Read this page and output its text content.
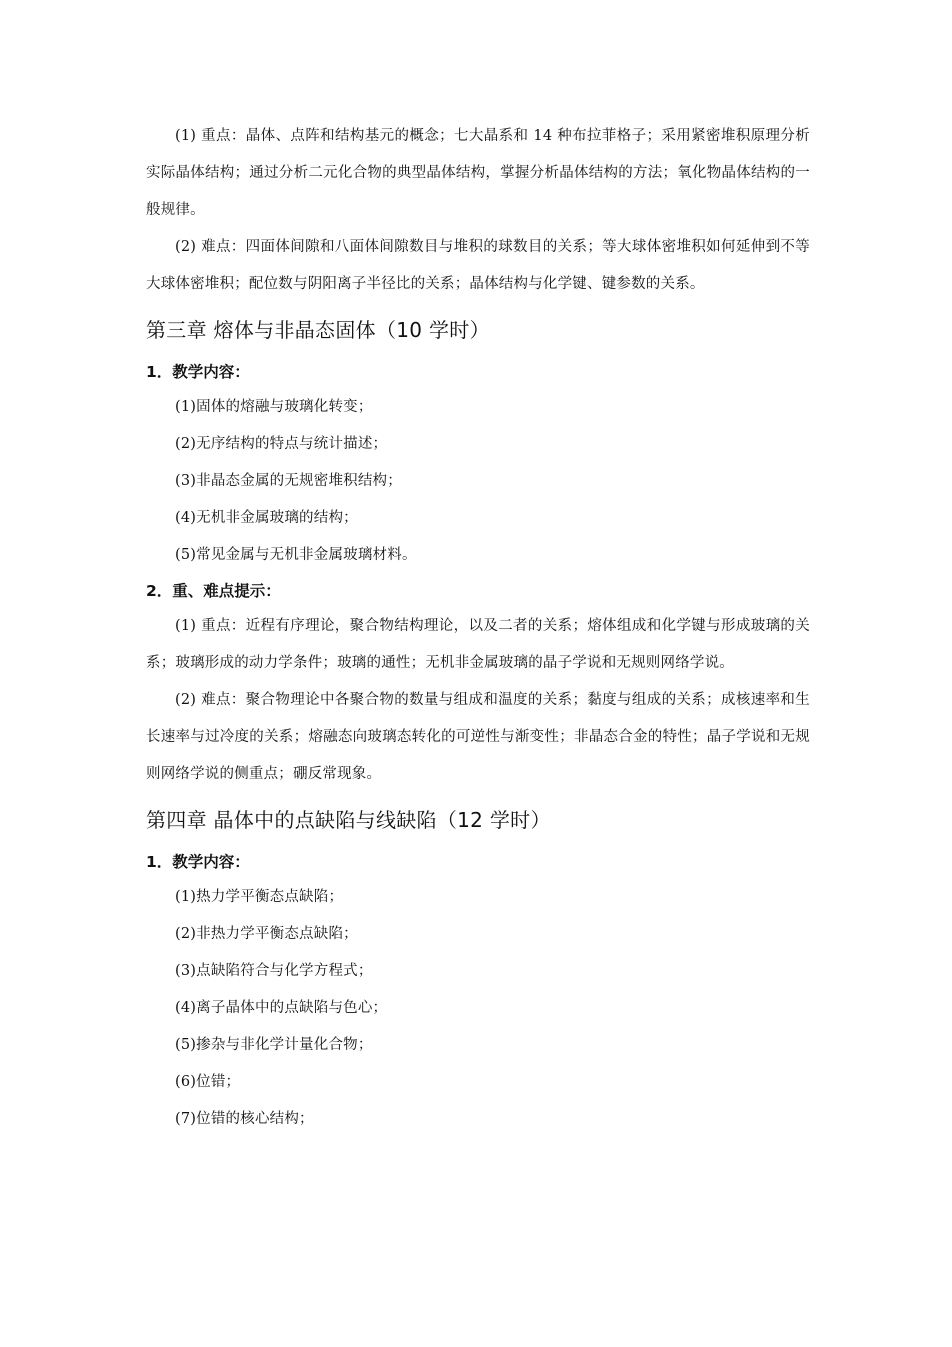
(1) 重点：晶体、点阵和结构基元的概念；七大晶系和 14 种布拉菲格子；采用紧密堆积原理分析实际晶体结构；通过分析二元化合物的典型晶体结构，掌握分析晶体结构的方法；氧化物晶体结构的一般规律。

(2) 难点：四面体间隙和八面体间隙数目与堆积的球数目的关系；等大球体密堆积如何延伸到不等大球体密堆积；配位数与阴阳离子半径比的关系；晶体结构与化学键、键参数的关系。

第三章 熔体与非晶态固体（10 学时）
1．教学内容：

(1)固体的熔融与玻璃化转变；

(2)无序结构的特点与统计描述；

(3)非晶态金属的无规密堆积结构；

(4)无机非金属玻璃的结构；

(5)常见金属与无机非金属玻璃材料。

2．重、难点提示：

(1) 重点：近程有序理论，聚合物结构理论，以及二者的关系；熔体组成和化学键与形成玻璃的关系；玻璃形成的动力学条件；玻璃的通性；无机非金属玻璃的晶子学说和无规则网络学说。

(2) 难点：聚合物理论中各聚合物的数量与组成和温度的关系；黏度与组成的关系；成核速率和生长速率与过冷度的关系；熔融态向玻璃态转化的可逆性与渐变性；非晶态合金的特性；晶子学说和无规则网络学说的侧重点；硼反常现象。

第四章 晶体中的点缺陷与线缺陷（12 学时）
1．教学内容：

(1)热力学平衡态点缺陷；

(2)非热力学平衡态点缺陷；

(3)点缺陷符合与化学方程式；

(4)离子晶体中的点缺陷与色心；

(5)掺杂与非化学计量化合物；

(6)位错；

(7)位错的核心结构；
